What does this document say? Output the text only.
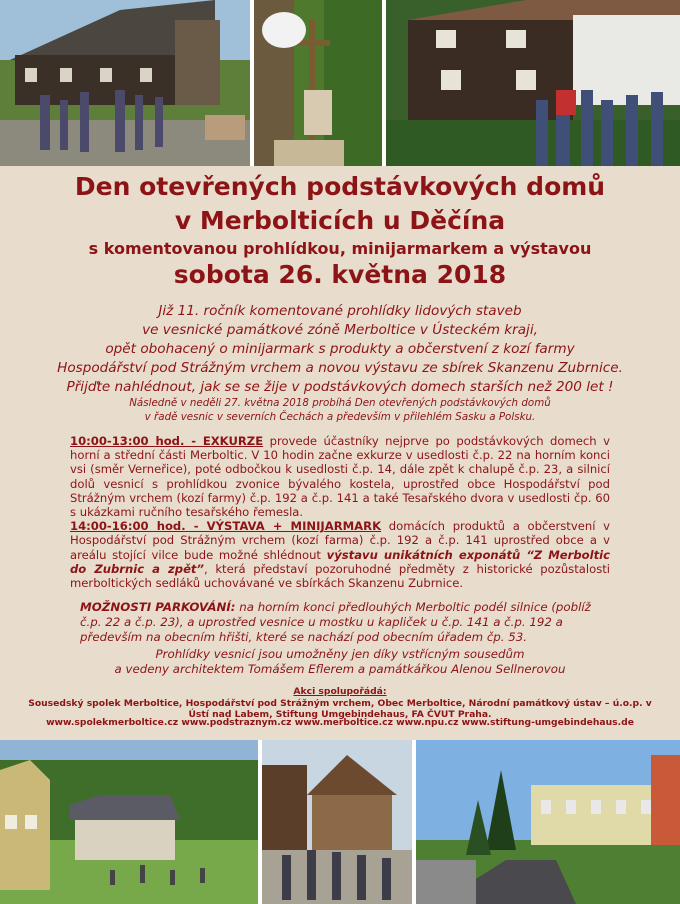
Den otevřených podstávkových domů
v Merbolticích u Děčína
s komentovanou prohlídkou, minijarmarkem a výstavou
sobota 26. května 2018
Již 11. ročník komentované prohlídky lidových staveb
ve vesnické památkové zóně Merboltice v Ústeckém kraji,
opět obohacený o minijarmark s produkty a občerstvení z kozí farmy
Hospodářství pod Strážným vrchem a novou výstavu ze sbírek Skanzenu Zubrnice.
Přijďte nahlédnout, jak se se žije v podstávkových domech starších než 200 let !
Následně v neděli 27. května 2018 probíhá Den otevřených podstávkových domů
v řadě vesnic v severních Čechách a především v přilehlém Sasku a Polsku.

10:00-13:00 hod. - EXKURZE provede účastníky nejprve po podstávkových domech v horní a střední části Merboltic. V 10 hodin začne exkurze v usedlosti č.p. 22 na horním konci vsi (směr Verneřice), poté odbočkou k usedlosti č.p. 14, dále zpět k chalupě č.p. 23, a silnicí dolů vesnicí s prohlídkou zvonice bývalého kostela, uprostřed obce Hospodářství pod Strážným vrchem (kozí farmy) č.p. 192 a č.p. 141 a také Tesařského dvora v usedlosti čp. 60 s ukázkami ručního tesařského řemesla.

14:00-16:00 hod. - VÝSTAVA + MINIJARMARK domácích produktů a občerstvení v Hospodářství pod Strážným vrchem (kozí farma) č.p. 192 a č.p. 141 uprostřed obce a v areálu stojící vilce bude možné shlédnout výstavu unikátních exponátů “Z Merboltic do Zubrnic a zpět”, která představí pozoruhodné předměty z historické pozůstalosti merboltických sedláků uchovávané ve sbírkách Skanzenu Zubrnice.

MOŽNOSTI PARKOVÁNÍ: na horním konci předlouhých Merboltic podél silnice (poblíž č.p. 22 a č.p. 23), a uprostřed vesnice u mostku u kapliček u č.p. 141 a č.p. 192 a především na obecním hřišti, které se nachází pod obecním úřadem čp. 53.
Prohlídky vesnicí jsou umožněny jen díky vstřícným sousedům
a vedeny architektem Tomášem Eflerem a památkářkou Alenou Sellnerovou
Akci spolupořádá:
Sousedský spolek Merboltice, Hospodářství pod Strážným vrchem, Obec Merboltice, Národní památkový ústav – ú.o.p. v
Ústí nad Labem, Stiftung Umgebindehaus, FA ČVUT Praha.
www.spolekmerboltice.cz www.podstraznym.cz www.merboltice.cz www.npu.cz www.stiftung-umgebindehaus.de
